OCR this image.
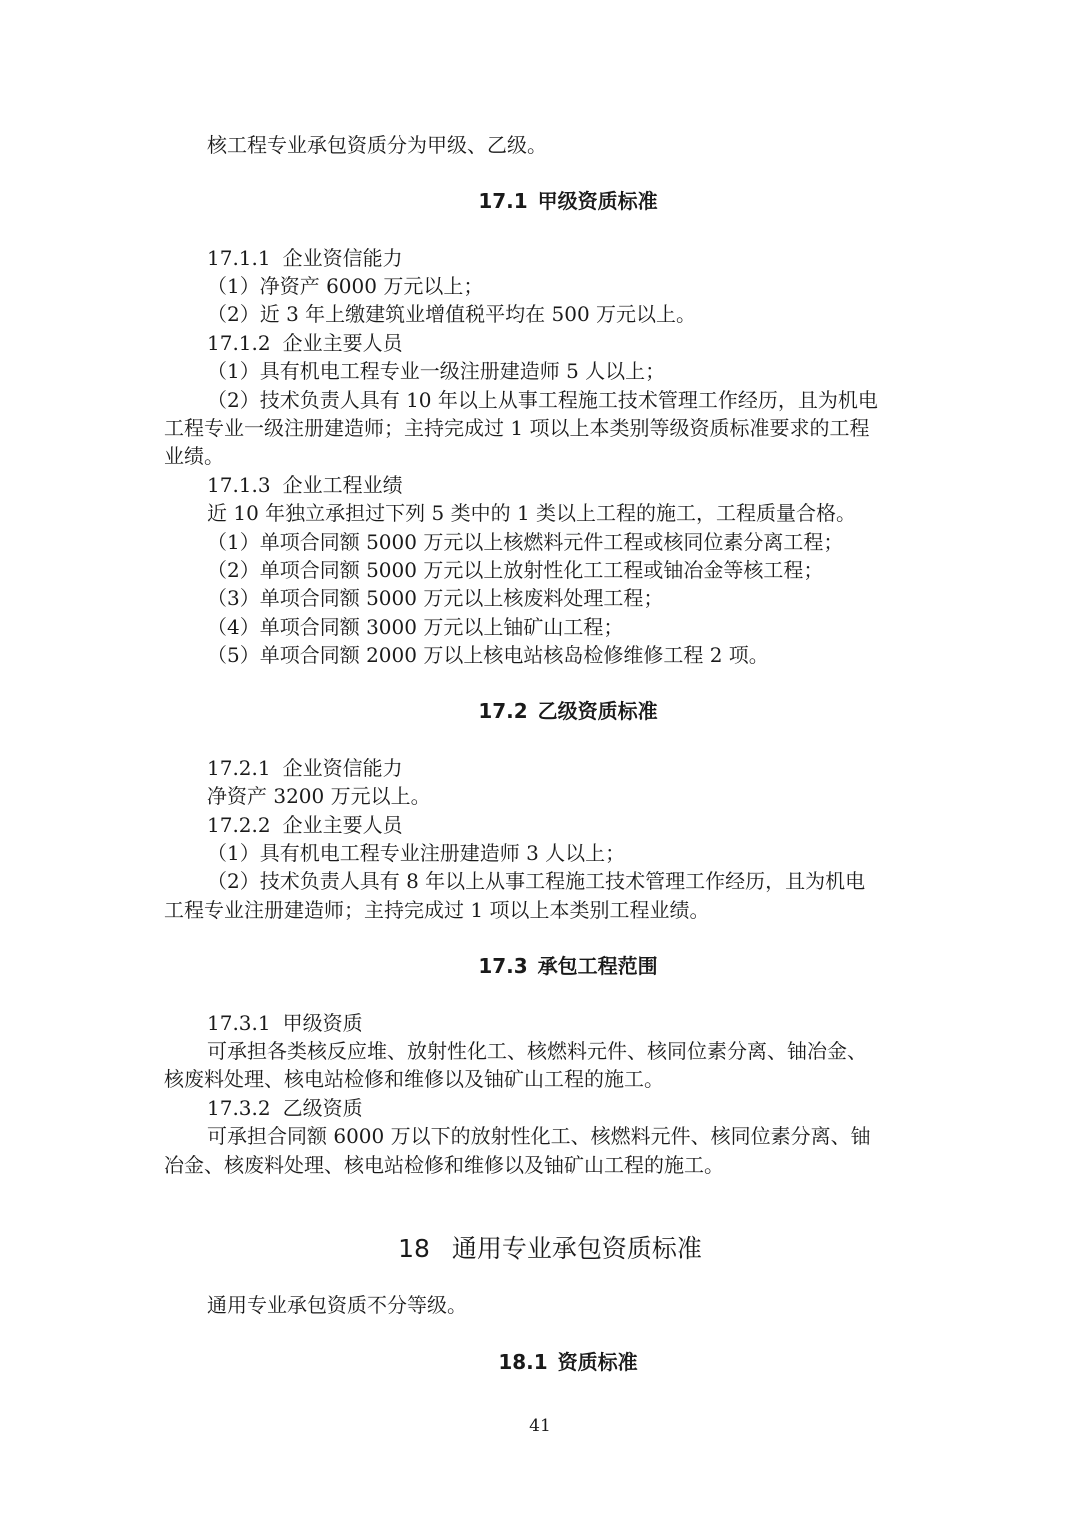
核工程专业承包资质分为甲级、乙级。
17.1 甲级资质标准
17.1.1 企业资信能力
（1）净资产 6000 万元以上；
（2）近 3 年上缴建筑业增值税平均在 500 万元以上。
17.1.2 企业主要人员
（1）具有机电工程专业一级注册建造师 5 人以上；
（2）技术负责人具有 10 年以上从事工程施工技术管理工作经历，且为机电
工程专业一级注册建造师；主持完成过 1 项以上本类别等级资质标准要求的工程
业绩。
17.1.3 企业工程业绩
近 10 年独立承担过下列 5 类中的 1 类以上工程的施工，工程质量合格。
（1）单项合同额 5000 万元以上核燃料元件工程或核同位素分离工程；
（2）单项合同额 5000 万元以上放射性化工工程或铀冶金等核工程；
（3）单项合同额 5000 万元以上核废料处理工程；
（4）单项合同额 3000 万元以上铀矿山工程；
（5）单项合同额 2000 万以上核电站核岛检修维修工程 2 项。
17.2 乙级资质标准
17.2.1 企业资信能力
净资产 3200 万元以上。
17.2.2 企业主要人员
（1）具有机电工程专业注册建造师 3 人以上；
（2）技术负责人具有 8 年以上从事工程施工技术管理工作经历，且为机电
工程专业注册建造师；主持完成过 1 项以上本类别工程业绩。
17.3 承包工程范围
17.3.1 甲级资质
可承担各类核反应堆、放射性化工、核燃料元件、核同位素分离、铀冶金、
核废料处理、核电站检修和维修以及铀矿山工程的施工。
17.3.2 乙级资质
可承担合同额 6000 万以下的放射性化工、核燃料元件、核同位素分离、铀
冶金、核废料处理、核电站检修和维修以及铀矿山工程的施工。
18 通用专业承包资质标准
通用专业承包资质不分等级。
18.1 资质标准
41
